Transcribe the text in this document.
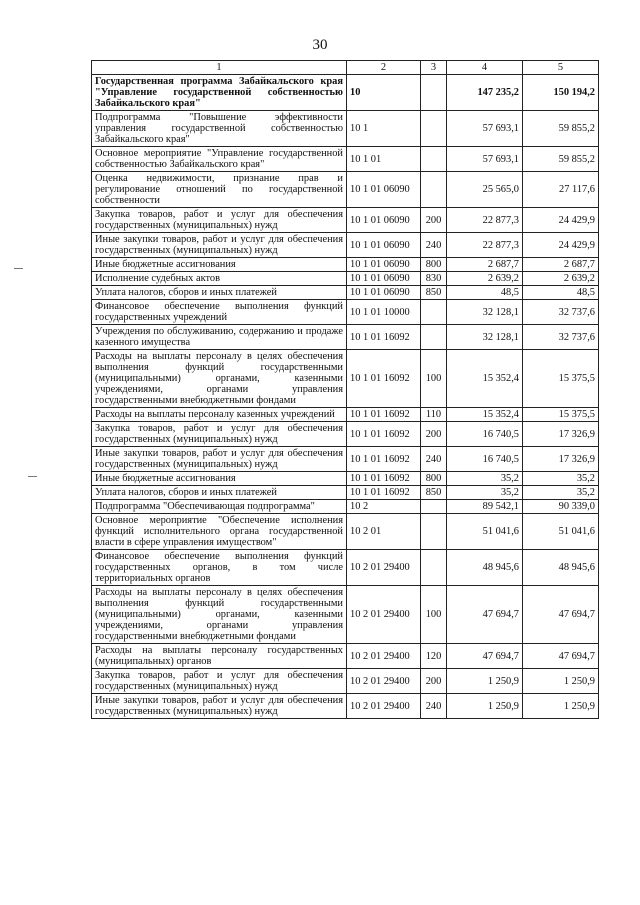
30
1	2	3	4	5
Государственная программа Забайкальского края "Управление государственной собственностью Забайкальского края"	10		147 235,2	150 194,2
Подпрограмма "Повышение эффективности управления государственной собственностью Забайкальского края"	10 1		57 693,1	59 855,2
Основное мероприятие "Управление государственной собственностью Забайкальского края"	10 1 01		57 693,1	59 855,2
Оценка недвижимости, признание прав и регулирование отношений по государственной собственности	10 1 01 06090		25 565,0	27 117,6
Закупка товаров, работ и услуг для обеспечения государственных (муниципальных) нужд	10 1 01 06090	200	22 877,3	24 429,9
Иные закупки товаров, работ и услуг для обеспечения государственных (муниципальных) нужд	10 1 01 06090	240	22 877,3	24 429,9
Иные бюджетные ассигнования	10 1 01 06090	800	2 687,7	2 687,7
Исполнение судебных актов	10 1 01 06090	830	2 639,2	2 639,2
Уплата налогов, сборов и иных платежей	10 1 01 06090	850	48,5	48,5
Финансовое обеспечение выполнения функций государственных учреждений	10 1 01 10000		32 128,1	32 737,6
Учреждения по обслуживанию, содержанию и продаже казенного имущества	10 1 01 16092		32 128,1	32 737,6
Расходы на выплаты персоналу в целях обеспечения выполнения функций государственными (муниципальными) органами, казенными учреждениями, органами управления государственными внебюджетными фондами	10 1 01 16092	100	15 352,4	15 375,5
Расходы на выплаты персоналу казенных учреждений	10 1 01 16092	110	15 352,4	15 375,5
Закупка товаров, работ и услуг для обеспечения государственных (муниципальных) нужд	10 1 01 16092	200	16 740,5	17 326,9
Иные закупки товаров, работ и услуг для обеспечения государственных (муниципальных) нужд	10 1 01 16092	240	16 740,5	17 326,9
Иные бюджетные ассигнования	10 1 01 16092	800	35,2	35,2
Уплата налогов, сборов и иных платежей	10 1 01 16092	850	35,2	35,2
Подпрограмма "Обеспечивающая подпрограмма"	10 2		89 542,1	90 339,0
Основное мероприятие "Обеспечение исполнения функций исполнительного органа государственной власти в сфере управления имуществом"	10 2 01		51 041,6	51 041,6
Финансовое обеспечение выполнения функций государственных органов, в том числе территориальных органов	10 2 01 29400		48 945,6	48 945,6
Расходы на выплаты персоналу в целях обеспечения выполнения функций государственными (муниципальными) органами, казенными учреждениями, органами управления государственными внебюджетными фондами	10 2 01 29400	100	47 694,7	47 694,7
Расходы на выплаты персоналу государственных (муниципальных) органов	10 2 01 29400	120	47 694,7	47 694,7
Закупка товаров, работ и услуг для обеспечения государственных (муниципальных) нужд	10 2 01 29400	200	1 250,9	1 250,9
Иные закупки товаров, работ и услуг для обеспечения государственных (муниципальных) нужд	10 2 01 29400	240	1 250,9	1 250,9
